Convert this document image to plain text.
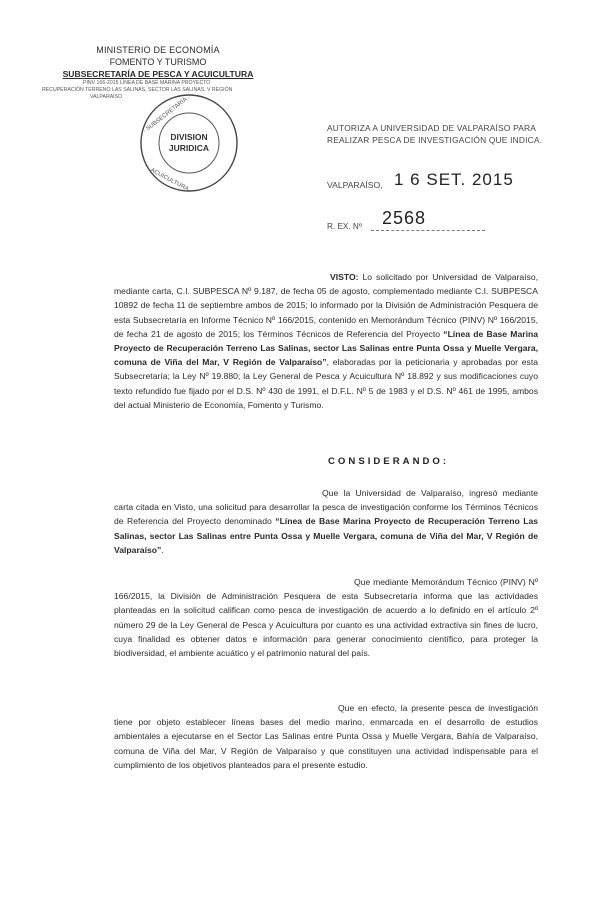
MINISTERIO DE ECONOMÍA
FOMENTO Y TURISMO
SUBSECRETARÍA DE PESCA Y ACUICULTURA
PINV 166-2015 LÍNEA DE BASE MARINA PROYECTO
RECUPERACIÓN TERRENO LAS SALINAS, SECTOR LAS SALINAS, V REGIÓN
VALPARAÍSO	· SUBSECRETARÍA ·
ACUICULTURA
DIVISION
JURIDICA
AUTORIZA A UNIVERSIDAD DE VALPARAÍSO PARA REALIZAR PESCA DE INVESTIGACIÓN QUE INDICA.
VALPARAÍSO, 1 6 SET. 2015
R. EX. Nº 2568
VISTO: Lo solicitado por Universidad de Valparaíso, mediante carta, C.I. SUBPESCA Nº 9.187, de fecha 05 de agosto, complementado mediante C.I. SUBPESCA 10892 de fecha 11 de septiembre ambos de 2015; lo informado por la División de Administración Pesquera de esta Subsecretaría en Informe Técnico Nº 166/2015, contenido en Memorándum Técnico (PINV) Nº 166/2015, de fecha 21 de agosto de 2015; los Términos Técnicos de Referencia del Proyecto “Línea de Base Marina Proyecto de Recuperación Terreno Las Salinas, sector Las Salinas entre Punta Ossa y Muelle Vergara, comuna de Viña del Mar, V Región de Valparaíso”, elaboradas por la peticionaria y aprobadas por esta Subsecretaría; la Ley Nº 19.880; la Ley General de Pesca y Acuicultura Nº 18.892 y sus modificaciones cuyo texto refundido fue fijado por el D.S. Nº 430 de 1991, el D.F.L. Nº 5 de 1983 y el D.S. Nº 461 de 1995, ambos del actual Ministerio de Economía, Fomento y Turismo.
CONSIDERANDO:
Que la Universidad de Valparaíso, ingresó mediante carta citada en Visto, una solicitud para desarrollar la pesca de investigación conforme los Términos Técnicos de Referencia del Proyecto denominado “Línea de Base Marina Proyecto de Recuperación Terreno Las Salinas, sector Las Salinas entre Punta Ossa y Muelle Vergara, comuna de Viña del Mar, V Región de Valparaíso”.
Que mediante Memorándum Técnico (PINV) Nº 166/2015, la División de Administración Pesquera de esta Subsecretaría informa que las actividades planteadas en la solicitud califican como pesca de investigación de acuerdo a lo definido en el artículo 2º número 29 de la Ley General de Pesca y Acuicultura por cuanto es una actividad extractiva sin fines de lucro, cuya finalidad es obtener datos e información para generar conocimiento científico, para proteger la biodiversidad, el ambiente acuático y el patrimonio natural del país.
Que en efecto, la presente pesca de investigación tiene por objeto establecer líneas bases del medio marino, enmarcada en el desarrollo de estudios ambientales a ejecutarse en el Sector Las Salinas entre Punta Ossa y Muelle Vergara, Bahía de Valparaíso, comuna de Viña del Mar, V Región de Valparaíso y que constituyen una actividad indispensable para el cumplimiento de los objetivos planteados para el presente estudio.
